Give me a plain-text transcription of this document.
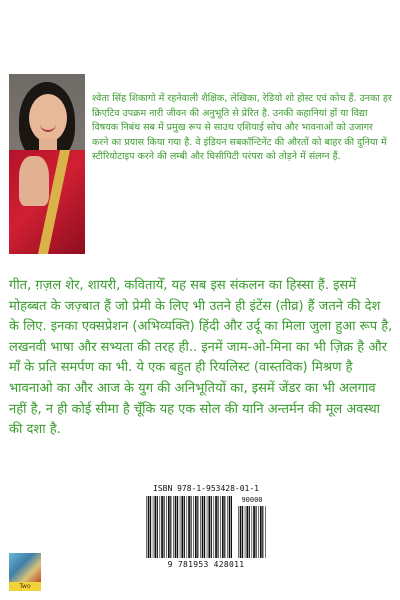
श्वेता सिंह शिकागो में रहनेवाली शैक्षिक, लेखिका, रेडियो शो होस्ट एवं कोच हैं. उनका हर क्रिएटिव उपक्रम नारी जीवन की अनुभूति से प्रेरित है. उनकी कहानियां हों या विद्या विषयक निबंध सब में प्रमुख रूप से साउथ एशियाई सोच और भावनाओं को उजागर करने का प्रयास किया गया है. वे इंडियन सबकॉन्टिनेंट की औरतों को बाहर की दुनिया में स्टीरियोटाइप करने की लम्बी और घिसीपिटी परंपरा को तोड़ने में संलग्न हैं.

गीत, ग़ज़ल शेर, शायरी, कवितायेँ, यह सब इस संकलन का हिस्सा हैं. इसमें मोहब्बत के जज़्बात हैं जो प्रेमी के लिए भी उतने ही इंटेंस (तीव्र) हैं जतने की देश के लिए. इनका एक्सप्रेशन (अभिव्यक्ति) हिंदी और उर्दू का मिला जुला हुआ रूप है, लखनवी भाषा और सभ्यता की तरह ही.. इनमें जाम-ओ-मिना का भी ज़िक्र है और माँ के प्रति समर्पण का भी. ये एक बहुत ही रियलिस्ट (वास्तविक) मिश्रण है भावनाओ का और आज के युग की अनिभूतियों का, इसमें जेंडर का भी अलगाव नहीं है, न ही कोई सीमा है चूँकि यह एक सोल की यानि अन्तर्मन की मूल अवस्था की दशा है.

ISBN 978-1-953428-01-1
90000
9 781953 428011
Two
